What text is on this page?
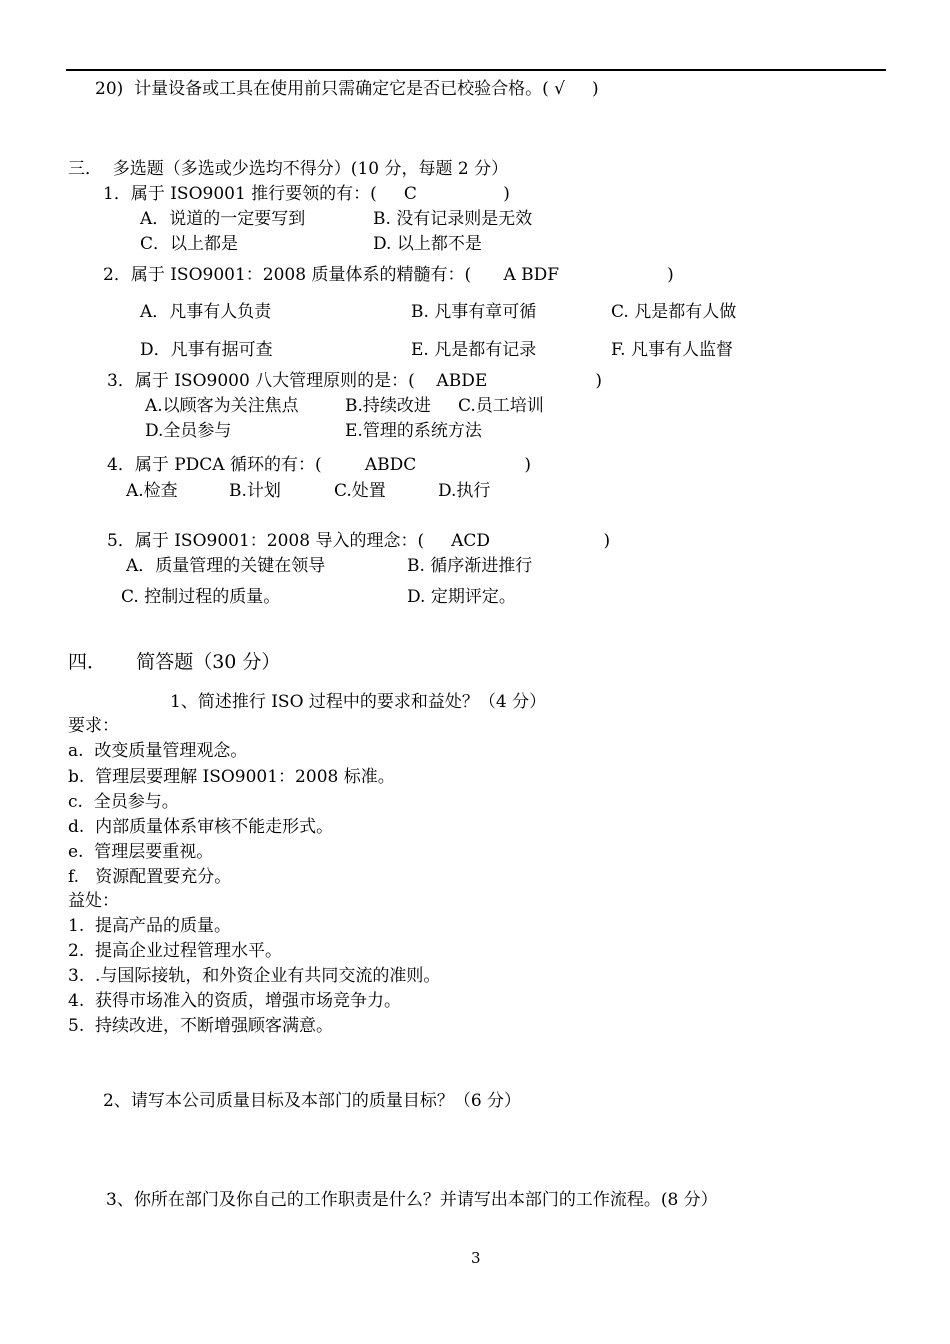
20)  计量设备或工具在使用前只需确定它是否已校验合格。( √     )
三．  多选题（多选或少选均不得分）(10 分，每题 2 分）
1．属于 ISO9001 推行要领的有：(     C                )
A．说道的一定要写到	B. 没有记录则是无效
C．以上都是	D. 以上都不是
2．属于 ISO9001：2008 质量体系的精髓有：(      A BDF                    )
A．凡事有人负责	B. 凡事有章可循	C. 凡是都有人做
D．凡事有据可查	E. 凡是都有记录	F. 凡事有人监督
3．属于 ISO9000 八大管理原则的是：(    ABDE                    )
A.以顾客为关注焦点	B.持续改进 C.员工培训
D.全员参与	E.管理的系统方法
4．属于 PDCA 循环的有：(        ABDC                    )
A.检查	B.计划	C.处置	D.执行
5．属于 ISO9001：2008 导入的理念：(     ACD                     )
A．质量管理的关键在领导	B. 循序渐进推行
C. 控制过程的质量。	D. 定期评定。
四．     简答题（30 分）
1、简述推行 ISO 过程中的要求和益处？（4 分）
要求：
a.  改变质量管理观念。
b.  管理层要理解 ISO9001：2008 标准。
c.  全员参与。
d.  内部质量体系审核不能走形式。
e.  管理层要重视。
f.   资源配置要充分。
益处：
1.  提高产品的质量。
2.  提高企业过程管理水平。
3.  .与国际接轨，和外资企业有共同交流的准则。
4.  获得市场准入的资质，增强市场竞争力。
5.  持续改进，不断增强顾客满意。
2、请写本公司质量目标及本部门的质量目标？（6 分）
3、你所在部门及你自己的工作职责是什么？并请写出本部门的工作流程。(8 分）
3
